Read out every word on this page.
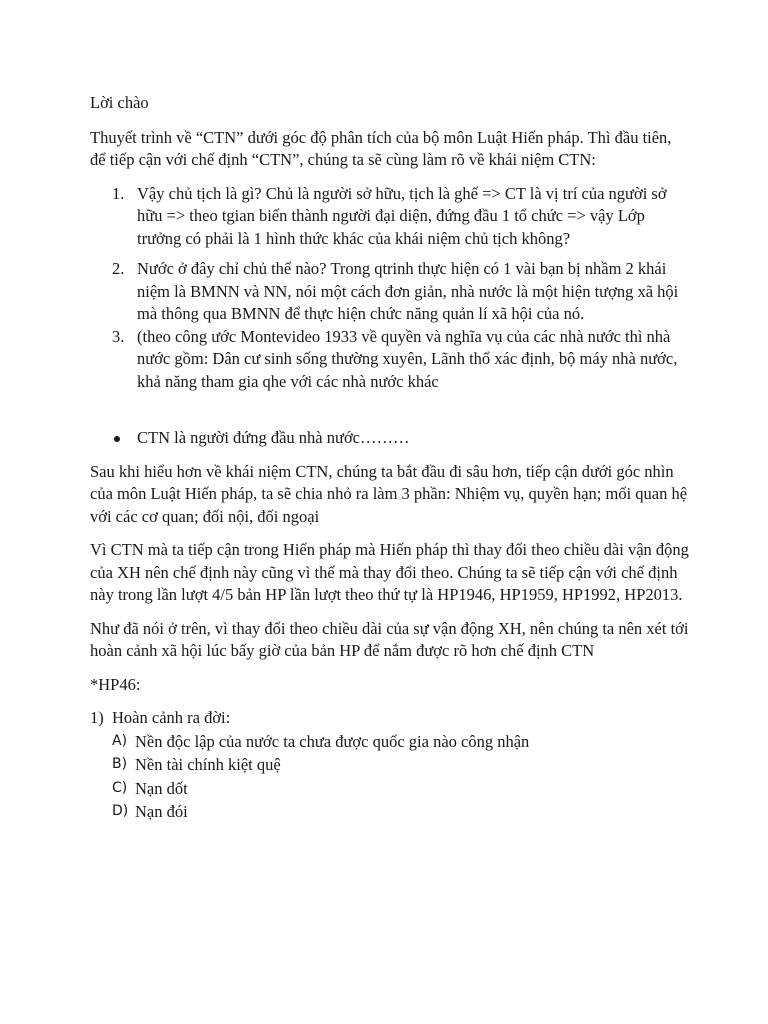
Lời chào

Thuyết trình về “CTN” dưới góc độ phân tích của bộ môn Luật Hiến pháp. Thì đầu tiên, để tiếp cận với chế định “CTN”, chúng ta sẽ cùng làm rõ về khái niệm CTN:

1. Vậy chủ tịch là gì? Chủ là người sở hữu, tịch là ghế => CT là vị trí của người sở hữu => theo tgian biến thành người đại diện, đứng đầu 1 tổ chức => vậy Lớp trưởng có phải là 1 hình thức khác của khái niệm chủ tịch không?
2. Nước ở đây chỉ chủ thể nào? Trong qtrinh thực hiện có 1 vài bạn bị nhầm 2 khái niệm là BMNN và NN, nói một cách đơn giản, nhà nước là một hiện tượng xã hội mà thông qua BMNN để thực hiện chức năng quản lí xã hội của nó.
3. (theo công ước Montevideo 1933 về quyền và nghĩa vụ của các nhà nước thì nhà nước gồm: Dân cư sinh sống thường xuyên, Lãnh thổ xác định, bộ máy nhà nước, khả năng tham gia qhe với các nhà nước khác
CTN là người đứng đầu nhà nước………

Sau khi hiểu hơn về khái niệm CTN, chúng ta bắt đầu đi sâu hơn, tiếp cận dưới góc nhìn của môn Luật Hiến pháp, ta sẽ chia nhỏ ra làm 3 phần: Nhiệm vụ, quyền hạn; mối quan hệ với các cơ quan; đối nội, đối ngoại

Vì CTN mà ta tiếp cận trong Hiến pháp mà Hiến pháp thì thay đổi theo chiều dài vận động của XH nên chế định này cũng vì thế mà thay đổi theo. Chúng ta sẽ tiếp cận với chế định này trong lần lượt 4/5 bản HP lần lượt theo thứ tự là HP1946, HP1959, HP1992, HP2013.

Như đã nói ở trên, vì thay đổi theo chiều dài của sự vận động XH, nên chúng ta nên xét tới hoàn cảnh xã hội lúc bấy giờ của bản HP để nắm được rõ hơn chế định CTN

*HP46:

1) Hoàn cảnh ra đời:
A) Nền độc lập của nước ta chưa được quốc gia nào công nhận
B) Nền tài chính kiệt quệ
C) Nạn dốt
D) Nạn đói
